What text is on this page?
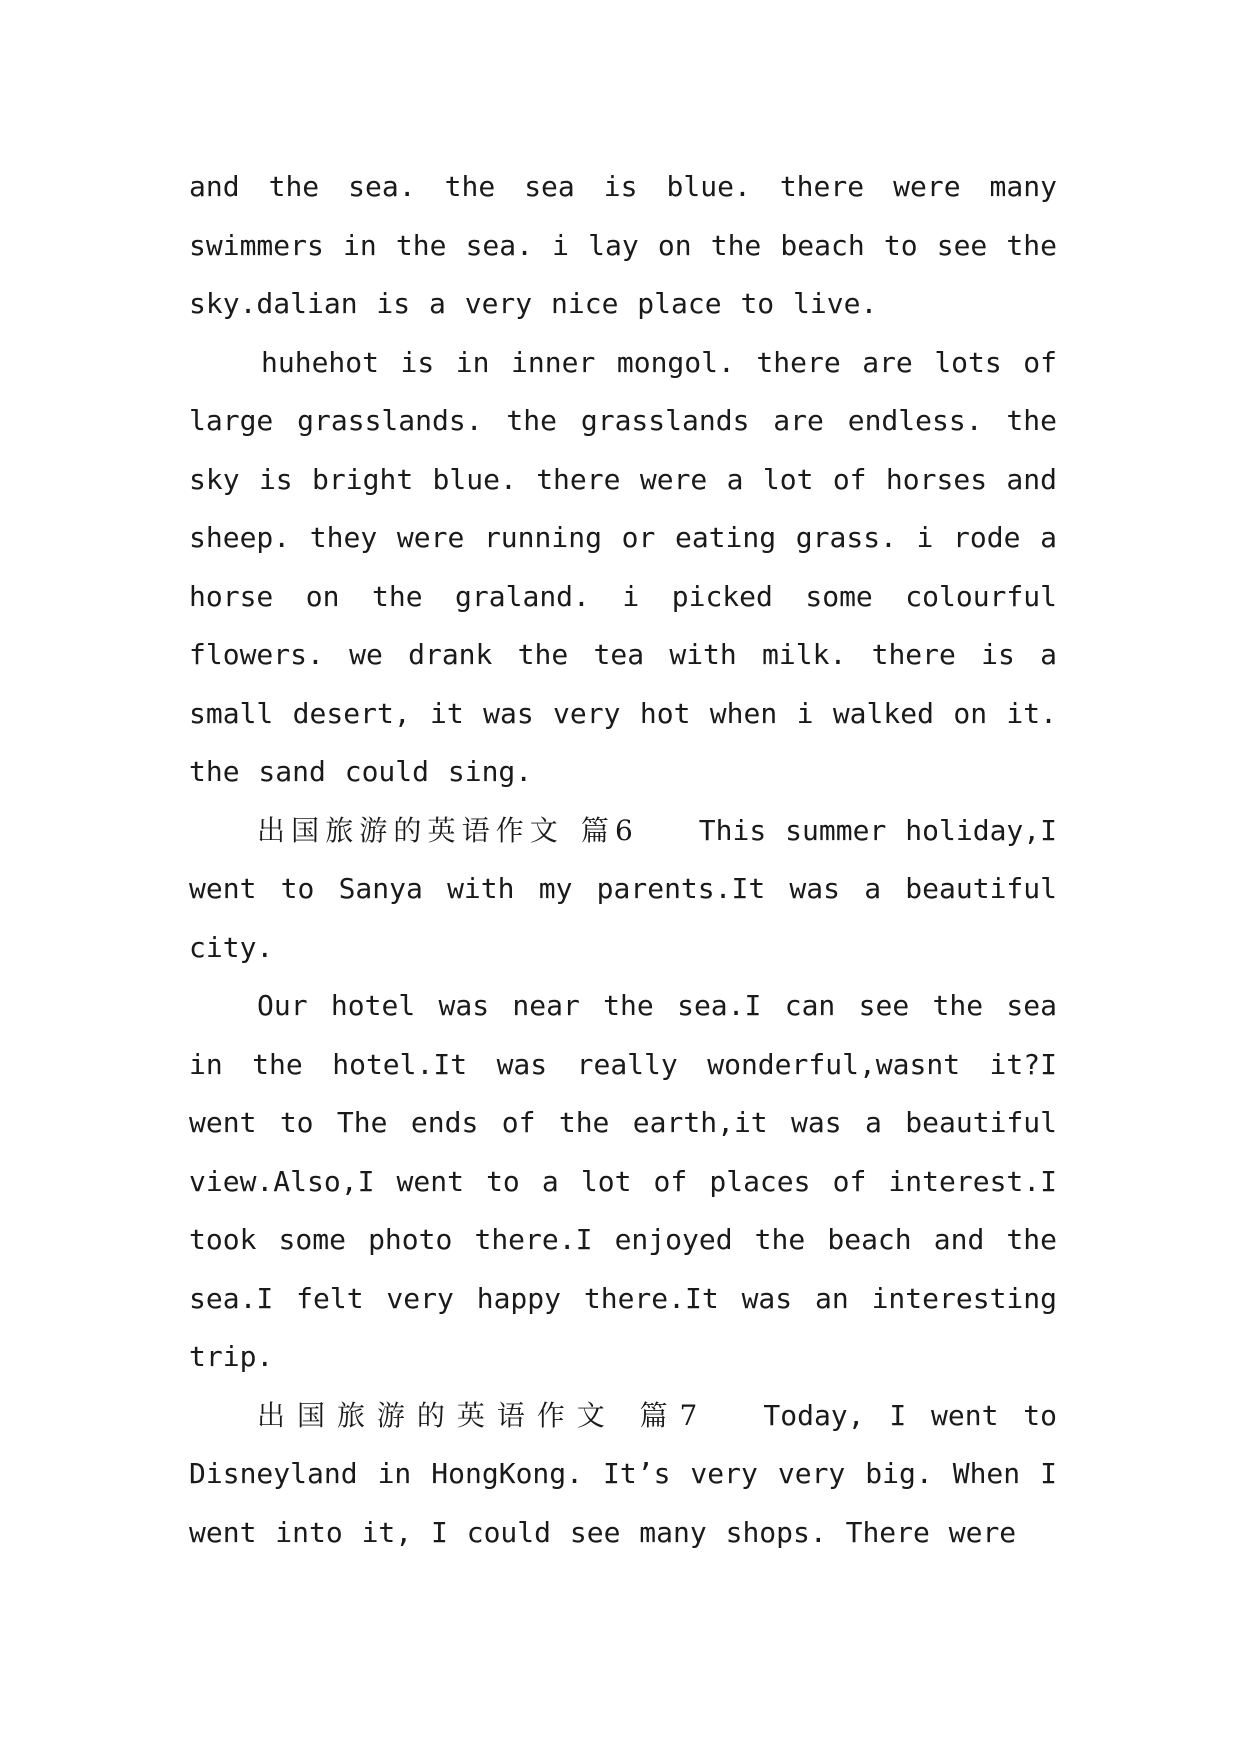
and the sea. the sea is blue. there were many swimmers in the sea. i lay on the beach to see the sky.dalian is a very nice place to live.

huhehot is in inner mongol. there are lots of large grasslands. the grasslands are endless. the sky is bright blue. there were a lot of horses and sheep. they were running or eating grass. i rode a horse on the graland. i picked some colourful flowers. we drank the tea with milk. there is a small desert, it was very hot when i walked on it. the sand could sing.

出国旅游的英语作文 篇6 This summer holiday,I went to Sanya with my parents.It was a beautiful city.

Our hotel was near the sea.I can see the sea in the hotel.It was really wonderful,wasnt it?I went to The ends of the earth,it was a beautiful view.Also,I went to a lot of places of interest.I took some photo there.I enjoyed the beach and the sea.I felt very happy there.It was an interesting trip.

出国旅游的英语作文 篇7 Today, I went to Disneyland in HongKong. It’s very very big. When I went into it, I could see many shops. There were
